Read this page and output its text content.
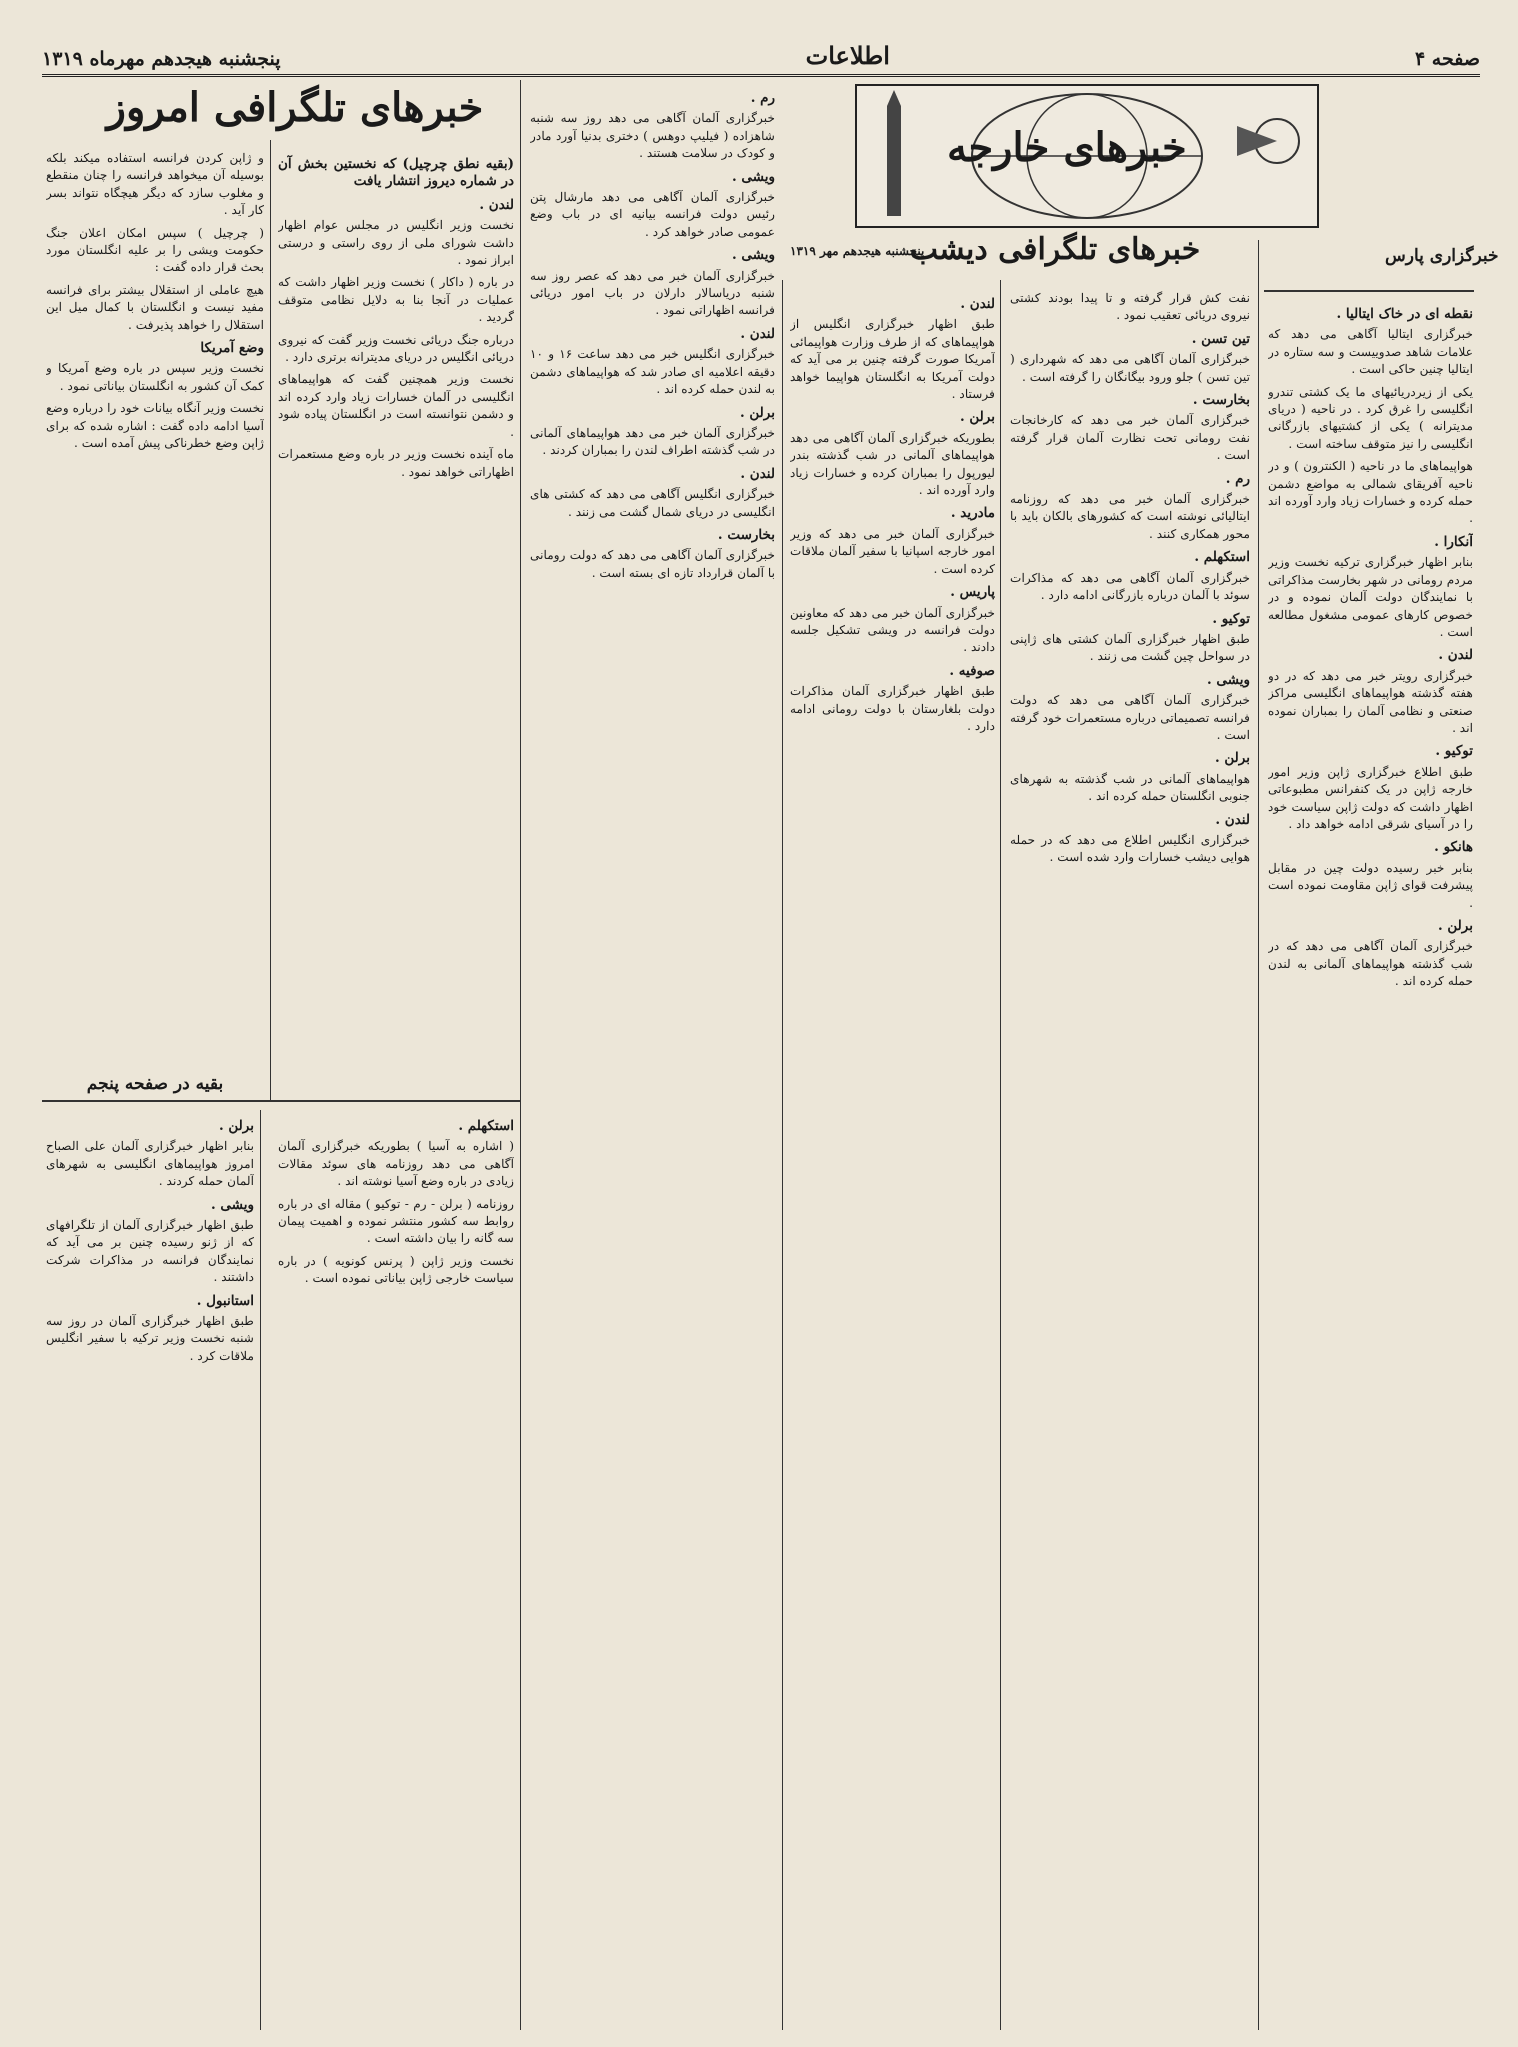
صفحه ۴
اطلاعات
پنجشنبه هیجدهم مهرماه ۱۳۱۹
خبرهای خارجه
خبرهای تلگرافی امروز
خبرهای تلگرافی دیشب
پنجشنبه هیجدهم مهر ۱۳۱۹	خبرگزاری پارس

نقطه ای در خاک ایتالیا .

خبرگزاری ایتالیا آگاهی می دهد که علامات شاهد صدوییست و سه ستاره در ایتالیا چنین حاکی است .

یکی از زیردریائیهای ما یک کشتی تندرو انگلیسی را غرق کرد . در ناحیه ( دریای مدیترانه ) یکی از کشتیهای بازرگانی انگلیسی را نیز متوقف ساخته است .

هواپیماهای ما در ناحیه ( الکنترون ) و در ناحیه آفریقای شمالی به مواضع دشمن حمله کرده و خسارات زیاد وارد آورده اند .

آنکارا .

بنابر اظهار خبرگزاری ترکیه نخست وزیر مردم رومانی در شهر بخارست مذاکراتی با نمایندگان دولت آلمان نموده و در خصوص کارهای عمومی مشغول مطالعه است .

لندن .

خبرگزاری رویتر خبر می دهد که در دو هفته گذشته هواپیماهای انگلیسی مراکز صنعتی و نظامی آلمان را بمباران نموده اند .

توکیو .

طبق اطلاع خبرگزاری ژاپن وزیر امور خارجه ژاپن در یک کنفرانس مطبوعاتی اظهار داشت که دولت ژاپن سیاست خود را در آسیای شرقی ادامه خواهد داد .

هانکو .

بنابر خبر رسیده دولت چین در مقابل پیشرفت قوای ژاپن مقاومت نموده است .

برلن .

خبرگزاری آلمان آگاهی می دهد که در شب گذشته هواپیماهای آلمانی به لندن حمله کرده اند .

نفت کش قرار گرفته و تا پیدا بودند کشتی نیروی دریائی تعقیب نمود .

تین تسن .

خبرگزاری آلمان آگاهی می دهد که شهرداری ( تین تسن ) جلو ورود بیگانگان را گرفته است .

بخارست .

خبرگزاری آلمان خبر می دهد که کارخانجات نفت رومانی تحت نظارت آلمان قرار گرفته است .

رم .

خبرگزاری آلمان خبر می دهد که روزنامه ایتالیائی نوشته است که کشورهای بالکان باید با محور همکاری کنند .

استکهلم .

خبرگزاری آلمان آگاهی می دهد که مذاکرات سوئد با آلمان درباره بازرگانی ادامه دارد .

توکیو .

طبق اظهار خبرگزاری آلمان کشتی های ژاپنی در سواحل چین گشت می زنند .

ویشی .

خبرگزاری آلمان آگاهی می دهد که دولت فرانسه تصمیماتی درباره مستعمرات خود گرفته است .

برلن .

هواپیماهای آلمانی در شب گذشته به شهرهای جنوبی انگلستان حمله کرده اند .

لندن .

خبرگزاری انگلیس اطلاع می دهد که در حمله هوایی دیشب خسارات وارد شده است .

لندن .

طبق اظهار خبرگزاری انگلیس از هواپیماهای که از طرف وزارت هواپیمائی آمریکا صورت گرفته چنین بر می آید که دولت آمریکا به انگلستان هواپیما خواهد فرستاد .

برلن .

بطوریکه خبرگزاری آلمان آگاهی می دهد هواپیماهای آلمانی در شب گذشته بندر لیورپول را بمباران کرده و خسارات زیاد وارد آورده اند .

مادرید .

خبرگزاری آلمان خبر می دهد که وزیر امور خارجه اسپانیا با سفیر آلمان ملاقات کرده است .

پاریس .

خبرگزاری آلمان خبر می دهد که معاونین دولت فرانسه در ویشی تشکیل جلسه دادند .

صوفیه .

طبق اظهار خبرگزاری آلمان مذاکرات دولت بلغارستان با دولت رومانی ادامه دارد .

رم .

خبرگزاری آلمان آگاهی می دهد روز سه شنبه شاهزاده ( فیلیپ دوهس ) دختری بدنیا آورد مادر و کودک در سلامت هستند .

ویشی .

خبرگزاری آلمان آگاهی می دهد مارشال پتن رئیس دولت فرانسه بیانیه ای در باب وضع عمومی صادر خواهد کرد .

ویشی .

خبرگزاری آلمان خبر می دهد که عصر روز سه شنبه دریاسالار دارلان در باب امور دریائی فرانسه اظهاراتی نمود .

لندن .

خبرگزاری انگلیس خبر می دهد ساعت ۱۶ و ۱۰ دقیقه اعلامیه ای صادر شد که هواپیماهای دشمن به لندن حمله کرده اند .

برلن .

خبرگزاری آلمان خبر می دهد هواپیماهای آلمانی در شب گذشته اطراف لندن را بمباران کردند .

لندن .

خبرگزاری انگلیس آگاهی می دهد که کشتی های انگلیسی در دریای شمال گشت می زنند .

بخارست .

خبرگزاری آلمان آگاهی می دهد که دولت رومانی با آلمان قرارداد تازه ای بسته است .

(بقیه نطق چرچیل) که نخستین بخش آن در شماره دیروز انتشار یافت

لندن .

نخست وزیر انگلیس در مجلس عوام اظهار داشت شورای ملی از روی راستی و درستی ابراز نمود .

در باره ( داکار ) نخست وزیر اظهار داشت که عملیات در آنجا بنا به دلایل نظامی متوقف گردید .

درباره جنگ دریائی نخست وزیر گفت که نیروی دریائی انگلیس در دریای مدیترانه برتری دارد .

نخست وزیر همچنین گفت که هواپیماهای انگلیسی در آلمان خسارات زیاد وارد کرده اند و دشمن نتوانسته است در انگلستان پیاده شود .

ماه آینده نخست وزیر در باره وضع مستعمرات اظهاراتی خواهد نمود .

و ژاپن کردن فرانسه استفاده میکند بلکه بوسیله آن میخواهد فرانسه را چنان منقطع و مغلوب سازد که دیگر هیچگاه نتواند بسر کار آید .

( چرچیل ) سپس امکان اعلان جنگ حکومت ویشی را بر علیه انگلستان مورد بحث قرار داده گفت :

هیچ عاملی از استقلال بیشتر برای فرانسه مفید نیست و انگلستان با کمال میل این استقلال را خواهد پذیرفت .

وضع آمریکا

نخست وزیر سپس در باره وضع آمریکا و کمک آن کشور به انگلستان بیاناتی نمود .

نخست وزیر آنگاه بیانات خود را درباره وضع آسیا ادامه داده گفت : اشاره شده که برای ژاپن وضع خطرناکی پیش آمده است .

بقیه در صفحه پنجم

استکهلم .

( اشاره به آسیا ) بطوریکه خبرگزاری آلمان آگاهی می دهد روزنامه های سوئد مقالات زیادی در باره وضع آسیا نوشته اند .

روزنامه ( برلن - رم - توکیو ) مقاله ای در باره روابط سه کشور منتشر نموده و اهمیت پیمان سه گانه را بیان داشته است .

نخست وزیر ژاپن ( پرنس کونویه ) در باره سیاست خارجی ژاپن بیاناتی نموده است .

برلن .

بنابر اظهار خبرگزاری آلمان علی الصباح امروز هواپیماهای انگلیسی به شهرهای آلمان حمله کردند .

ویشی .

طبق اظهار خبرگزاری آلمان از تلگرافهای که از ژنو رسیده چنین بر می آید که نمایندگان فرانسه در مذاکرات شرکت داشتند .

استانبول .

طبق اظهار خبرگزاری آلمان در روز سه شنبه نخست وزیر ترکیه با سفیر انگلیس ملاقات کرد .
